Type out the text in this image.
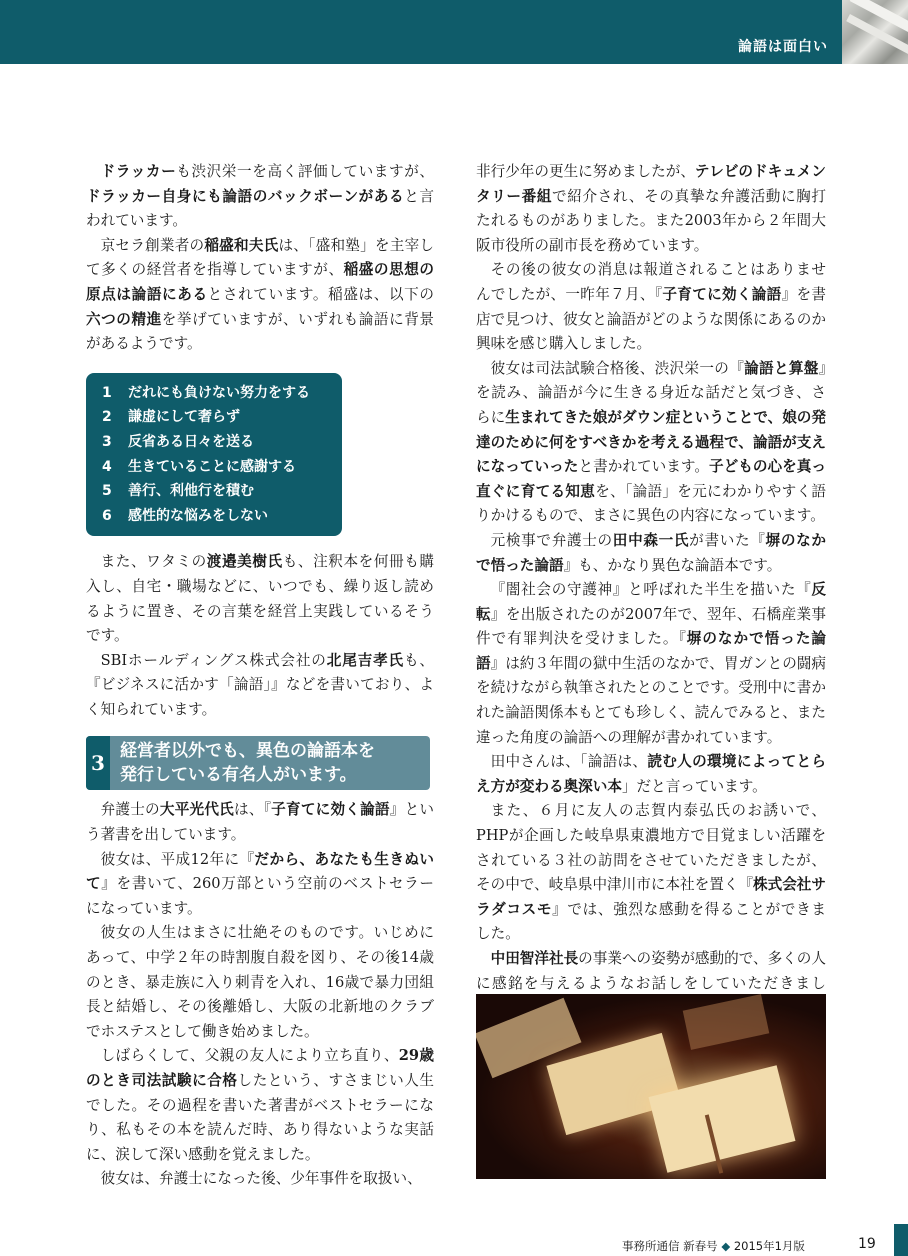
論語は面白い

ドラッカーも渋沢栄一を高く評価していますが、ドラッカー自身にも論語のバックボーンがあると言われています。

京セラ創業者の稲盛和夫氏は、「盛和塾」を主宰して多くの経営者を指導していますが、稲盛の思想の原点は論語にあるとされています。稲盛は、以下の六つの精進を挙げていますが、いずれも論語に背景があるようです。

1 だれにも負けない努力をする
2 謙虚にして奢らず
3 反省ある日々を送る
4 生きていることに感謝する
5 善行、利他行を積む
6 感性的な悩みをしない

また、ワタミの渡邉美樹氏も、注釈本を何冊も購入し、自宅・職場などに、いつでも、繰り返し読めるように置き、その言葉を経営上実践しているそうです。

SBIホールディングス株式会社の北尾吉孝氏も、『ビジネスに活かす「論語」』などを書いており、よく知られています。

3 経営者以外でも、異色の論語本を
発行している有名人がいます。

弁護士の大平光代氏は、『子育てに効く論語』という著書を出しています。

彼女は、平成12年に『だから、あなたも生きぬいて』を書いて、260万部という空前のベストセラーになっています。

彼女の人生はまさに壮絶そのものです。いじめにあって、中学２年の時割腹自殺を図り、その後14歳のとき、暴走族に入り刺青を入れ、16歳で暴力団組長と結婚し、その後離婚し、大阪の北新地のクラブでホステスとして働き始めました。

しばらくして、父親の友人により立ち直り、29歳のとき司法試験に合格したという、すさまじい人生でした。その過程を書いた著書がベストセラーになり、私もその本を読んだ時、あり得ないような実話に、涙して深い感動を覚えました。

彼女は、弁護士になった後、少年事件を取扱い、

非行少年の更生に努めましたが、テレビのドキュメンタリー番組で紹介され、その真摯な弁護活動に胸打たれるものがありました。また2003年から２年間大阪市役所の副市長を務めています。

その後の彼女の消息は報道されることはありませんでしたが、一昨年７月、『子育てに効く論語』を書店で見つけ、彼女と論語がどのような関係にあるのか興味を感じ購入しました。

彼女は司法試験合格後、渋沢栄一の『論語と算盤』を読み、論語が今に生きる身近な話だと気づき、さらに生まれてきた娘がダウン症ということで、娘の発達のために何をすべきかを考える過程で、論語が支えになっていったと書かれています。子どもの心を真っ直ぐに育てる知恵を、「論語」を元にわかりやすく語りかけるもので、まさに異色の内容になっています。

元検事で弁護士の田中森一氏が書いた『塀のなかで悟った論語』も、かなり異色な論語本です。

『闇社会の守護神』と呼ばれた半生を描いた『反転』を出版されたのが2007年で、翌年、石橋産業事件で有罪判決を受けました。『塀のなかで悟った論語』は約３年間の獄中生活のなかで、胃ガンとの闘病を続けながら執筆されたとのことです。受刑中に書かれた論語関係本もとても珍しく、読んでみると、また違った角度の論語への理解が書かれています。

田中さんは、「論語は、読む人の環境によってとらえ方が変わる奥深い本」だと言っています。

また、６月に友人の志賀内泰弘氏のお誘いで、PHPが企画した岐阜県東濃地方で目覚ましい活躍をされている３社の訪問をさせていただきましたが、その中で、岐阜県中津川市に本社を置く『株式会社サラダコスモ』では、強烈な感動を得ることができました。

中田智洋社長の事業への姿勢が感動的で、多くの人に感銘を与えるようなお話しをしていただきまし

事務所通信 新春号 ◆ 2015年1月版	19
